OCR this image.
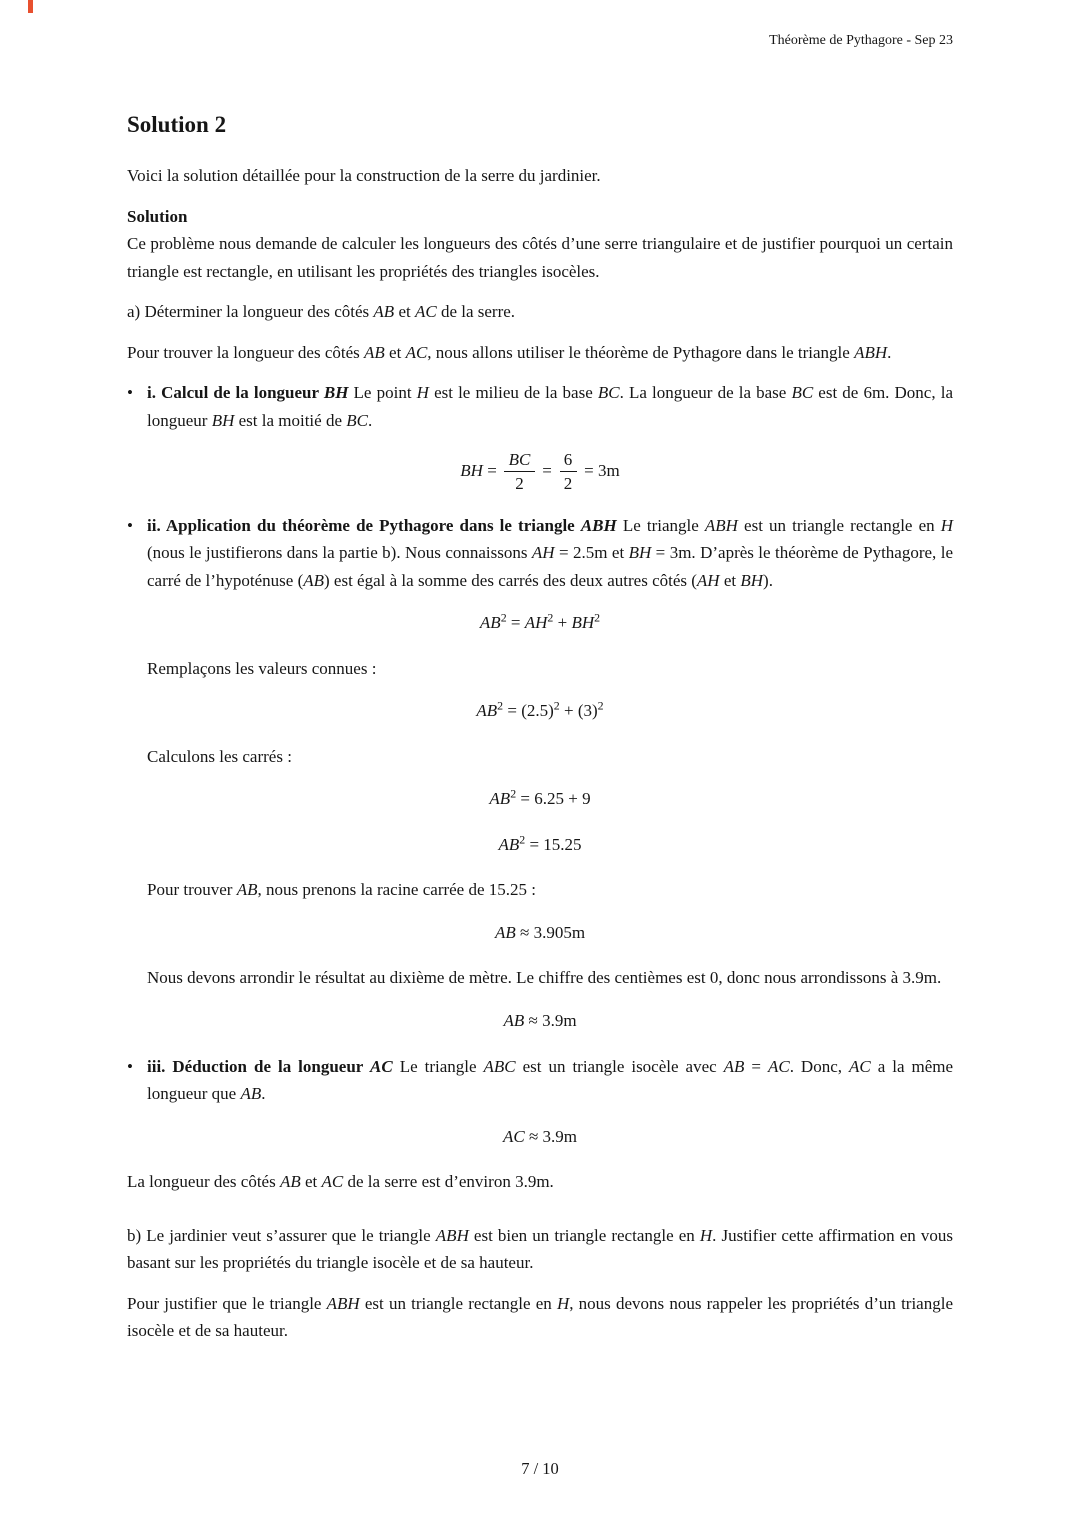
Théorème de Pythagore - Sep 23
Solution 2

Voici la solution détaillée pour la construction de la serre du jardinier.

Solution

Ce problème nous demande de calculer les longueurs des côtés d’une serre triangulaire et de justifier pourquoi un certain triangle est rectangle, en utilisant les propriétés des triangles isocèles.

a) Déterminer la longueur des côtés AB et AC de la serre.

Pour trouver la longueur des côtés AB et AC, nous allons utiliser le théorème de Pythagore dans le triangle ABH.

• i. Calcul de la longueur BH Le point H est le milieu de la base BC. La longueur de la base BC est de 6m. Donc, la longueur BH est la moitié de BC.
BH = $\frac{BC}{2} = \frac{6}{2} = 3m$
• ii. Application du théorème de Pythagore dans le triangle ABH Le triangle ABH est un triangle rectangle en H (nous le justifierons dans la partie b). Nous connaissons AH = 2.5m et BH = 3m. D’après le théorème de Pythagore, le carré de l’hypoténuse (AB) est égal à la somme des carrés des deux autres côtés (AH et BH).
$AB^2 = AH^2 + BH^2$

Remplaçons les valeurs connues :

$AB^2 = (2.5)^2 + (3)^2$

Calculons les carrés :

$AB^2 = 6.25 + 9$
$AB^2 = 15.25$

Pour trouver AB, nous prenons la racine carrée de 15.25 :

AB ≈ 3.905m

Nous devons arrondir le résultat au dixième de mètre. Le chiffre des centièmes est 0, donc nous arrondissons à 3.9m.

AB ≈ 3.9m
• iii. Déduction de la longueur AC Le triangle ABC est un triangle isocèle avec AB = AC. Donc, AC a la même longueur que AB.
AC ≈ 3.9m

La longueur des côtés AB et AC de la serre est d’environ 3.9m.

b) Le jardinier veut s’assurer que le triangle ABH est bien un triangle rectangle en H. Justifier cette affirmation en vous basant sur les propriétés du triangle isocèle et de sa hauteur.

Pour justifier que le triangle ABH est un triangle rectangle en H, nous devons nous rappeler les propriétés d’un triangle isocèle et de sa hauteur.

7 / 10
